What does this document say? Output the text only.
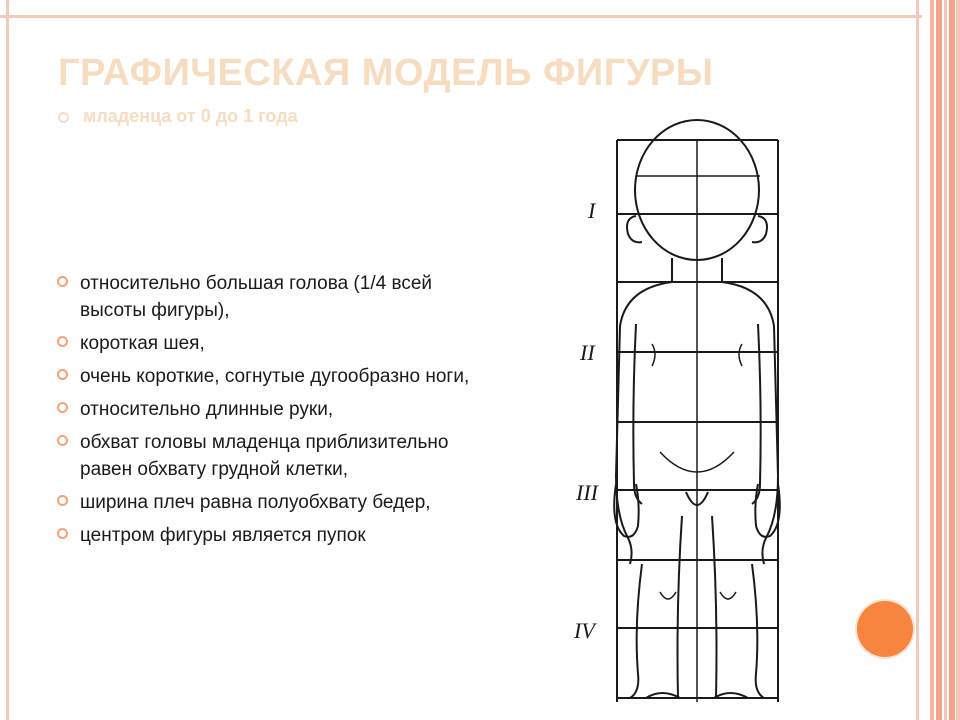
ГРАФИЧЕСКАЯ МОДЕЛЬ ФИГУРЫ
младенца от 0 до 1 года
относительно большая голова (1/4 всей высоты фигуры),
короткая шея,
очень короткие, согнутые дугообразно ноги,
относительно длинные руки,
обхват головы младенца приблизительно равен обхвату грудной клетки,
ширина плеч равна полуобхвату бедер,
центром фигуры является пупок
I
II
III
IV
